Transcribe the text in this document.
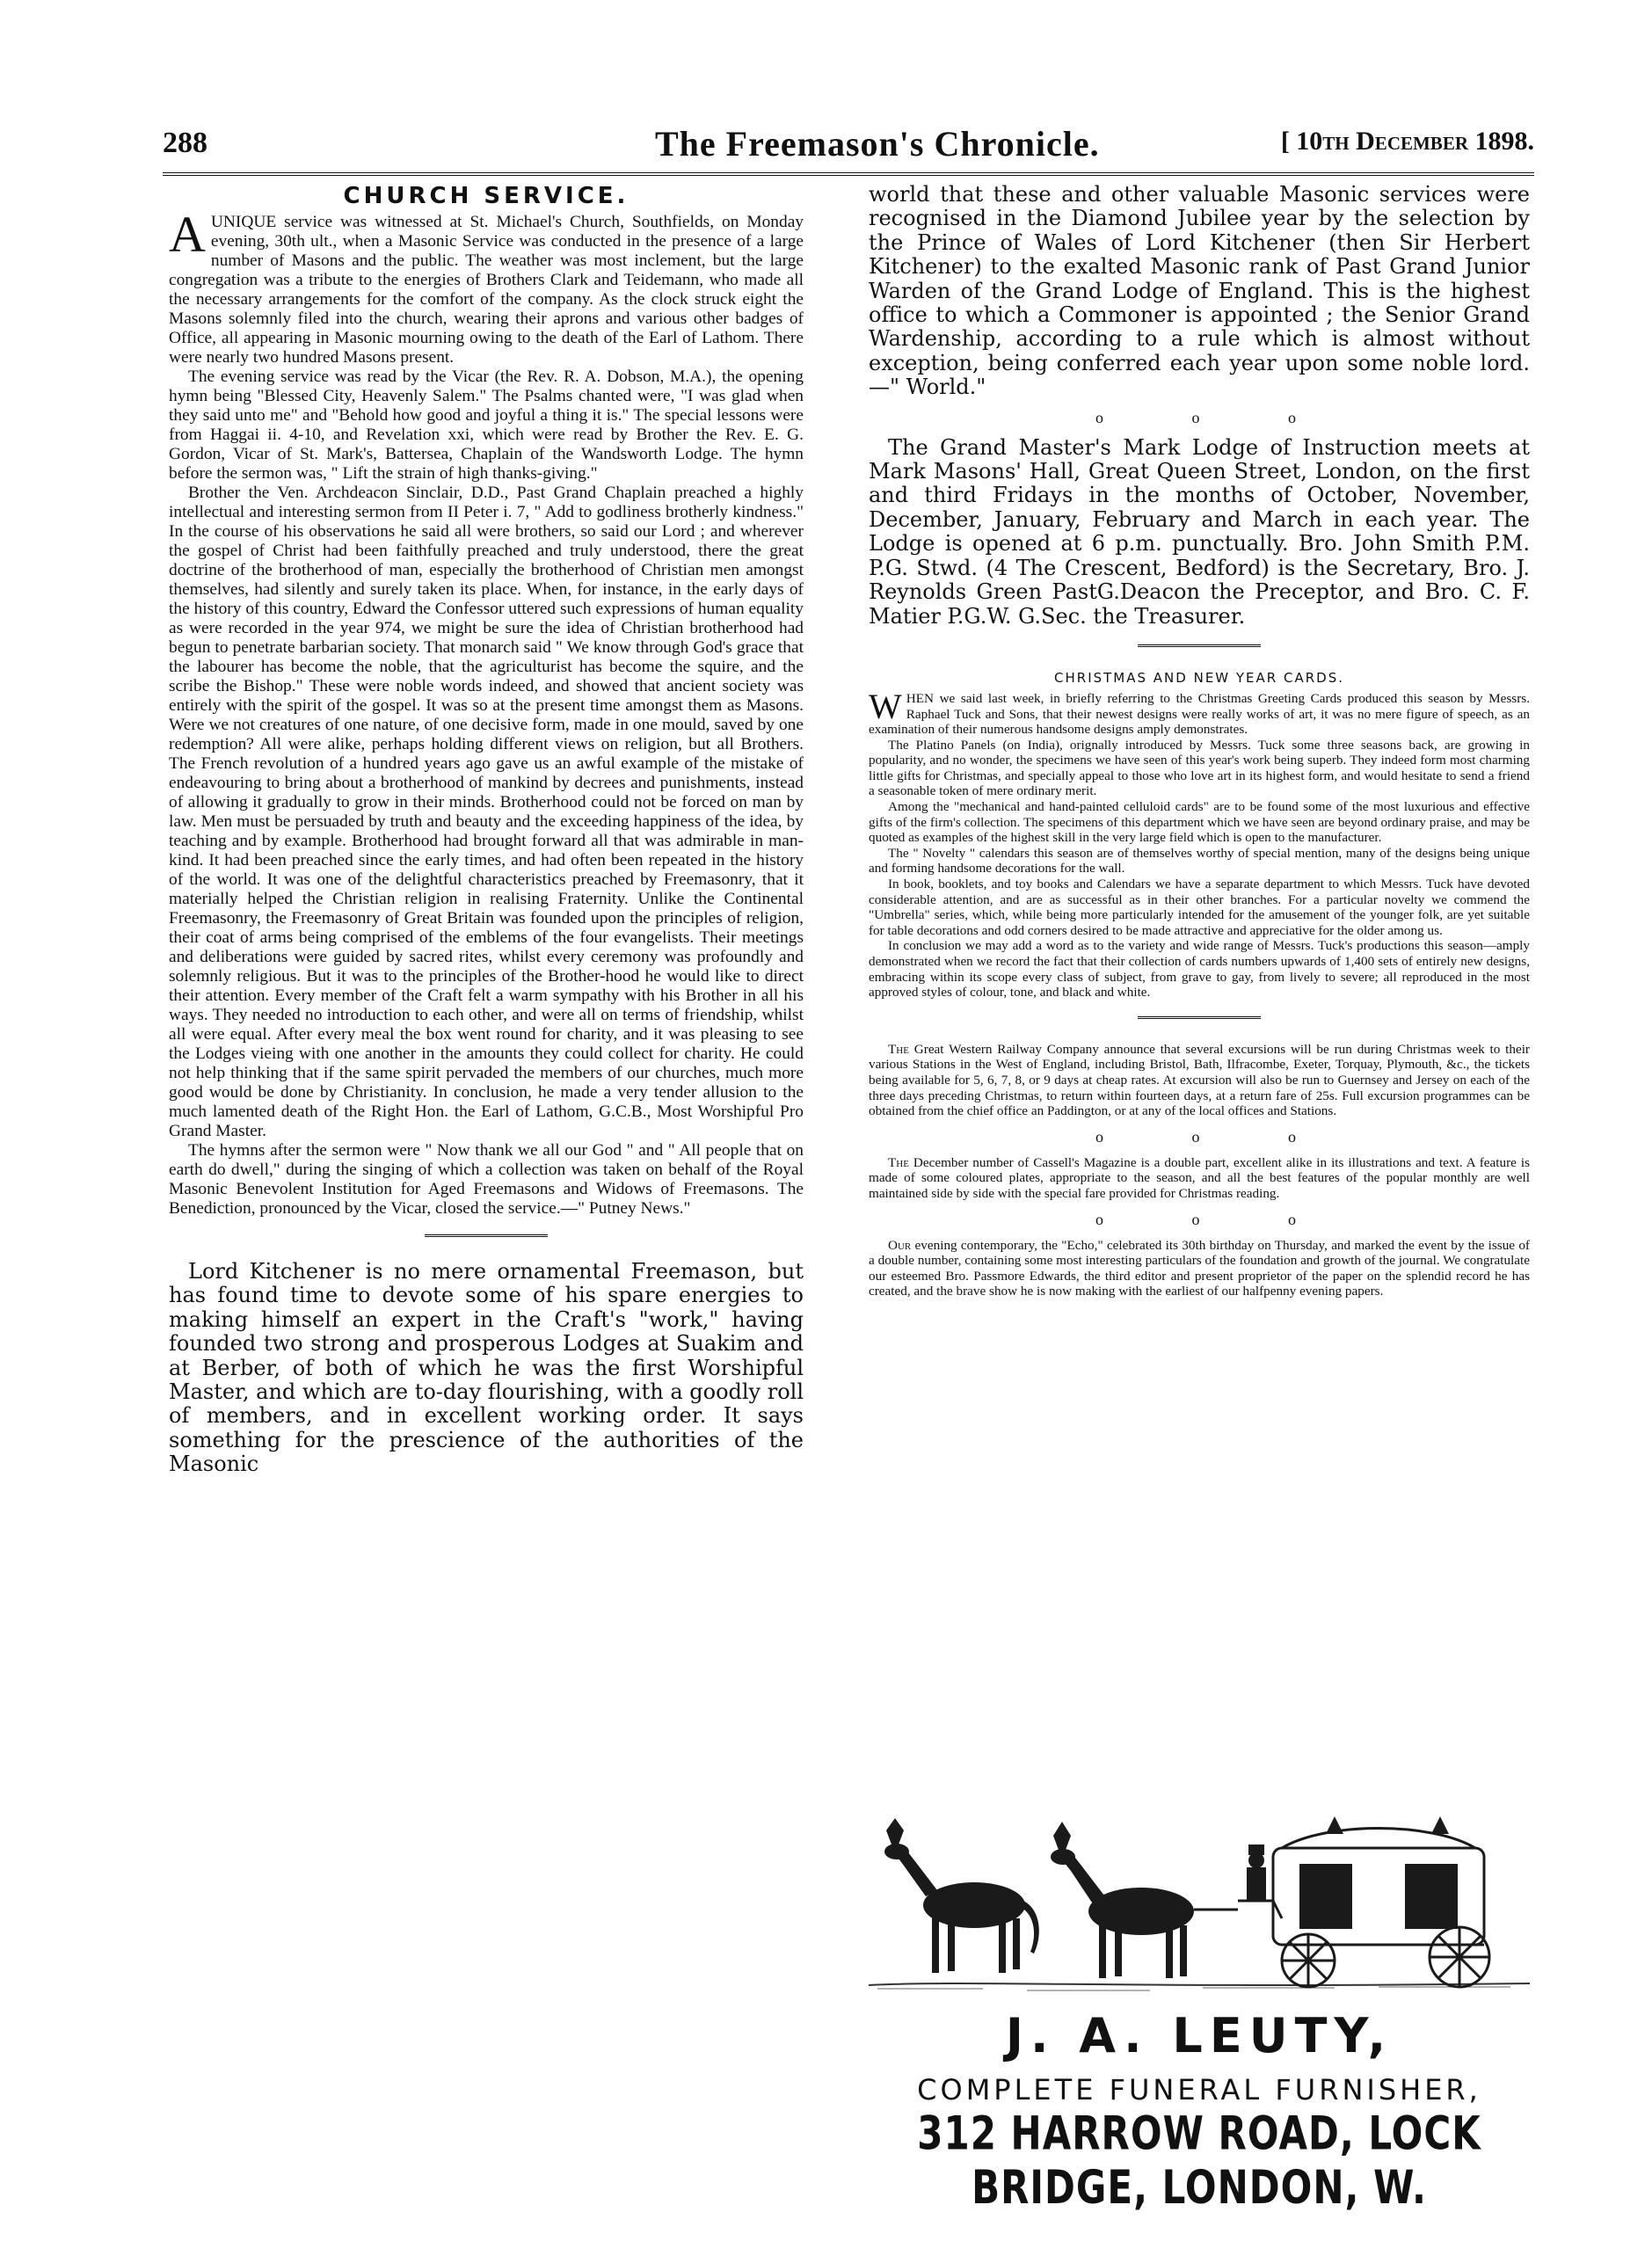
288	The Freemason's Chronicle.	[ 10th December 1898.
CHURCH SERVICE.

A UNIQUE service was witnessed at St. Michael's Church, Southfields, on Monday evening, 30th ult., when a Masonic Service was conducted in the presence of a large number of Masons and the public. The weather was most inclement, but the large congregation was a tribute to the energies of Brothers Clark and Teidemann, who made all the necessary arrangements for the comfort of the company. As the clock struck eight the Masons solemnly filed into the church, wearing their aprons and various other badges of Office, all appearing in Masonic mourning owing to the death of the Earl of Lathom. There were nearly two hundred Masons present.

The evening service was read by the Vicar (the Rev. R. A. Dobson, M.A.), the opening hymn being "Blessed City, Heavenly Salem." The Psalms chanted were, "I was glad when they said unto me" and "Behold how good and joyful a thing it is." The special lessons were from Haggai ii. 4-10, and Revelation xxi, which were read by Brother the Rev. E. G. Gordon, Vicar of St. Mark's, Battersea, Chaplain of the Wandsworth Lodge. The hymn before the sermon was, " Lift the strain of high thanks-giving."

Brother the Ven. Archdeacon Sinclair, D.D., Past Grand Chaplain preached a highly intellectual and interesting sermon from II Peter i. 7, " Add to godliness brotherly kindness." In the course of his observations he said all were brothers, so said our Lord ; and wherever the gospel of Christ had been faithfully preached and truly understood, there the great doctrine of the brotherhood of man, especially the brotherhood of Christian men amongst themselves, had silently and surely taken its place. When, for instance, in the early days of the history of this country, Edward the Confessor uttered such expressions of human equality as were recorded in the year 974, we might be sure the idea of Christian brotherhood had begun to penetrate barbarian society. That monarch said " We know through God's grace that the labourer has become the noble, that the agriculturist has become the squire, and the scribe the Bishop." These were noble words indeed, and showed that ancient society was entirely with the spirit of the gospel. It was so at the present time amongst them as Masons. Were we not creatures of one nature, of one decisive form, made in one mould, saved by one redemption? All were alike, perhaps holding different views on religion, but all Brothers. The French revolution of a hundred years ago gave us an awful example of the mistake of endeavouring to bring about a brotherhood of mankind by decrees and punishments, instead of allowing it gradually to grow in their minds. Brotherhood could not be forced on man by law. Men must be persuaded by truth and beauty and the exceeding happiness of the idea, by teaching and by example. Brotherhood had brought forward all that was admirable in man-kind. It had been preached since the early times, and had often been repeated in the history of the world. It was one of the delightful characteristics preached by Freemasonry, that it materially helped the Christian religion in realising Fraternity. Unlike the Continental Freemasonry, the Freemasonry of Great Britain was founded upon the principles of religion, their coat of arms being comprised of the emblems of the four evangelists. Their meetings and deliberations were guided by sacred rites, whilst every ceremony was profoundly and solemnly religious. But it was to the principles of the Brother-hood he would like to direct their attention. Every member of the Craft felt a warm sympathy with his Brother in all his ways. They needed no introduction to each other, and were all on terms of friendship, whilst all were equal. After every meal the box went round for charity, and it was pleasing to see the Lodges vieing with one another in the amounts they could collect for charity. He could not help thinking that if the same spirit pervaded the members of our churches, much more good would be done by Christianity. In conclusion, he made a very tender allusion to the much lamented death of the Right Hon. the Earl of Lathom, G.C.B., Most Worshipful Pro Grand Master.

The hymns after the sermon were " Now thank we all our God " and " All people that on earth do dwell," during the singing of which a collection was taken on behalf of the Royal Masonic Benevolent Institution for Aged Freemasons and Widows of Freemasons. The Benediction, pronounced by the Vicar, closed the service.—" Putney News."

Lord Kitchener is no mere ornamental Freemason, but has found time to devote some of his spare energies to making himself an expert in the Craft's "work," having founded two strong and prosperous Lodges at Suakim and at Berber, of both of which he was the first Worshipful Master, and which are to-day flourishing, with a goodly roll of members, and in excellent working order. It says something for the prescience of the authorities of the Masonic

world that these and other valuable Masonic services were recognised in the Diamond Jubilee year by the selection by the Prince of Wales of Lord Kitchener (then Sir Herbert Kitchener) to the exalted Masonic rank of Past Grand Junior Warden of the Grand Lodge of England. This is the highest office to which a Commoner is appointed ; the Senior Grand Wardenship, according to a rule which is almost without exception, being conferred each year upon some noble lord.—" World."

o o o

The Grand Master's Mark Lodge of Instruction meets at Mark Masons' Hall, Great Queen Street, London, on the first and third Fridays in the months of October, November, December, January, February and March in each year. The Lodge is opened at 6 p.m. punctually. Bro. John Smith P.M. P.G. Stwd. (4 The Crescent, Bedford) is the Secretary, Bro. J. Reynolds Green PastG.Deacon the Preceptor, and Bro. C. F. Matier P.G.W. G.Sec. the Treasurer.

CHRISTMAS AND NEW YEAR CARDS.

WHEN we said last week, in briefly referring to the Christmas Greeting Cards produced this season by Messrs. Raphael Tuck and Sons, that their newest designs were really works of art, it was no mere figure of speech, as an examination of their numerous handsome designs amply demonstrates.

The Platino Panels (on India), orignally introduced by Messrs. Tuck some three seasons back, are growing in popularity, and no wonder, the specimens we have seen of this year's work being superb. They indeed form most charming little gifts for Christmas, and specially appeal to those who love art in its highest form, and would hesitate to send a friend a seasonable token of mere ordinary merit.

Among the "mechanical and hand-painted celluloid cards" are to be found some of the most luxurious and effective gifts of the firm's collection. The specimens of this department which we have seen are beyond ordinary praise, and may be quoted as examples of the highest skill in the very large field which is open to the manufacturer.

The " Novelty " calendars this season are of themselves worthy of special mention, many of the designs being unique and forming handsome decorations for the wall.

In book, booklets, and toy books and Calendars we have a separate department to which Messrs. Tuck have devoted considerable attention, and are as successful as in their other branches. For a particular novelty we commend the "Umbrella" series, which, while being more particularly intended for the amusement of the younger folk, are yet suitable for table decorations and odd corners desired to be made attractive and appreciative for the older among us.

In conclusion we may add a word as to the variety and wide range of Messrs. Tuck's productions this season—amply demonstrated when we record the fact that their collection of cards numbers upwards of 1,400 sets of entirely new designs, embracing within its scope every class of subject, from grave to gay, from lively to severe; all reproduced in the most approved styles of colour, tone, and black and white.

The Great Western Railway Company announce that several excursions will be run during Christmas week to their various Stations in the West of England, including Bristol, Bath, Ilfracombe, Exeter, Torquay, Plymouth, &c., the tickets being available for 5, 6, 7, 8, or 9 days at cheap rates. At excursion will also be run to Guernsey and Jersey on each of the three days preceding Christmas, to return within fourteen days, at a return fare of 25s. Full excursion programmes can be obtained from the chief office an Paddington, or at any of the local offices and Stations.

o o o

The December number of Cassell's Magazine is a double part, excellent alike in its illustrations and text. A feature is made of some coloured plates, appropriate to the season, and all the best features of the popular monthly are well maintained side by side with the special fare provided for Christmas reading.

o o o

Our evening contemporary, the "Echo," celebrated its 30th birthday on Thursday, and marked the event by the issue of a double number, containing some most interesting particulars of the foundation and growth of the journal. We congratulate our esteemed Bro. Passmore Edwards, the third editor and present proprietor of the paper on the splendid record he has created, and the brave show he is now making with the earliest of our halfpenny evening papers.

J. A. LEUTY,
COMPLETE FUNERAL FURNISHER,
312 HARROW ROAD, LOCK BRIDGE, LONDON, W.
